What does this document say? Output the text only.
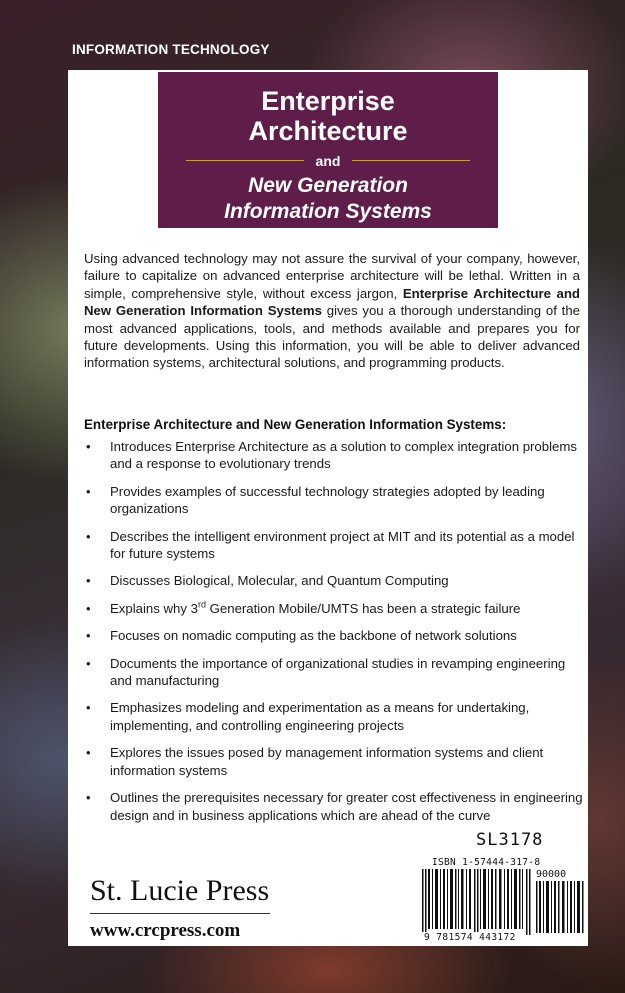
INFORMATION TECHNOLOGY
Enterprise
Architecture
and
New Generation
Information Systems
Using advanced technology may not assure the survival of your company, however, failure to capitalize on advanced enterprise architecture will be lethal. Written in a simple, comprehensive style, without excess jargon, Enterprise Architecture and New Generation Information Systems gives you a thorough understanding of the most advanced applications, tools, and methods available and prepares you for future developments. Using this information, you will be able to deliver advanced information systems, architectural solutions, and programming products.
Enterprise Architecture and New Generation Information Systems:
• Introduces Enterprise Architecture as a solution to complex integration problems and a response to evolutionary trends
• Provides examples of successful technology strategies adopted by leading organizations
• Describes the intelligent environment project at MIT and its potential as a model for future systems
• Discusses Biological, Molecular, and Quantum Computing
• Explains why 3rd Generation Mobile/UMTS has been a strategic failure
• Focuses on nomadic computing as the backbone of network solutions
• Documents the importance of organizational studies in revamping engineering and manufacturing
• Emphasizes modeling and experimentation as a means for undertaking, implementing, and controlling engineering projects
• Explores the issues posed by management information systems and client information systems
• Outlines the prerequisites necessary for greater cost effectiveness in engineering design and in business applications which are ahead of the curve
SL3178
St. Lucie Press
www.crcpress.com
ISBN 1-57444-317-8
90000
9 781574 443172
